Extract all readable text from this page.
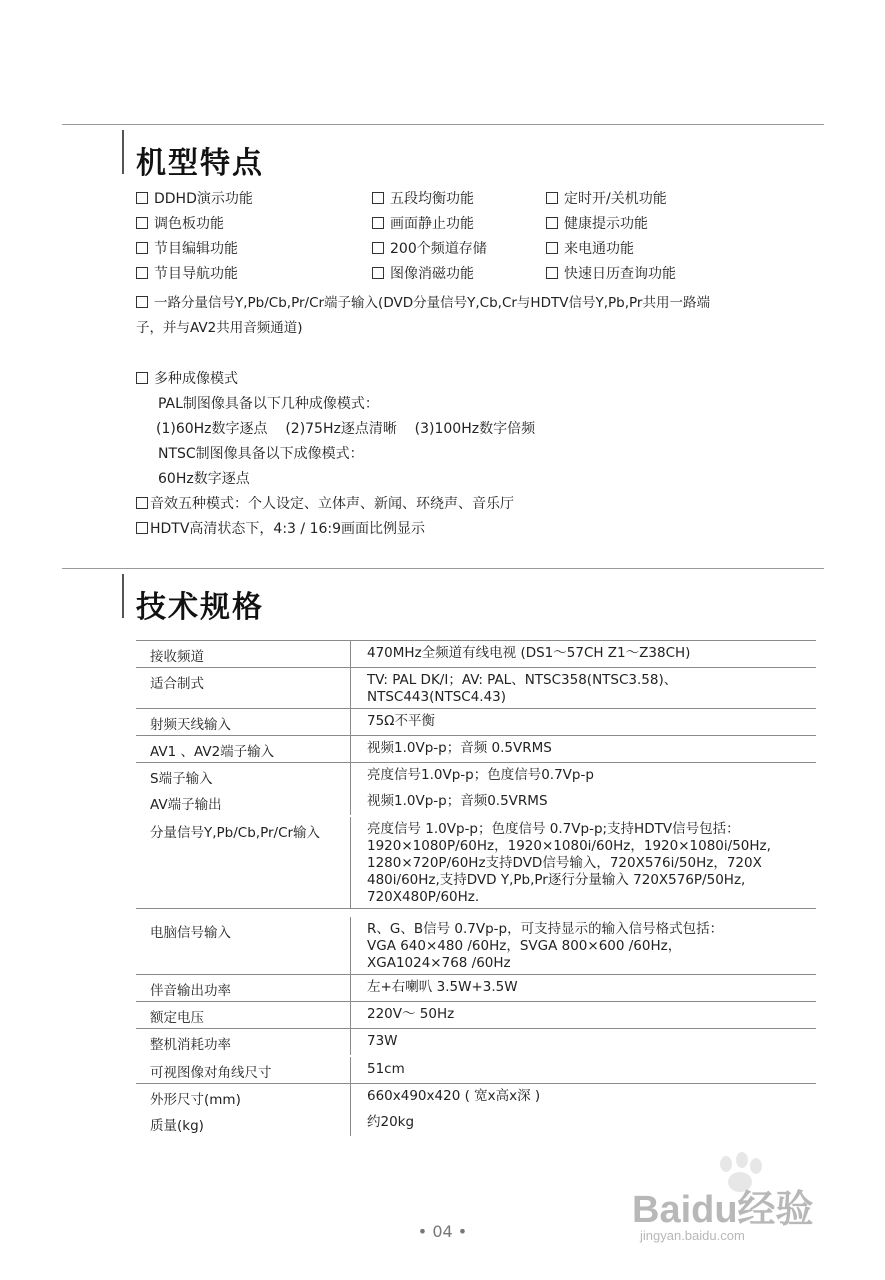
机型特点
DDHD演示功能	五段均衡功能	定时开/关机功能
调色板功能	画面静止功能	健康提示功能
节目编辑功能	200个频道存储	来电通功能
节目导航功能	图像消磁功能	快速日历查询功能
一路分量信号Y,Pb/Cb,Pr/Cr端子输入(DVD分量信号Y,Cb,Cr与HDTV信号Y,Pb,Pr共用一路端
子，并与AV2共用音频通道)
多种成像模式
PAL制图像具备以下几种成像模式：
(1)60Hz数字逐点    (2)75Hz逐点清晰    (3)100Hz数字倍频
NTSC制图像具备以下成像模式：
60Hz数字逐点
音效五种模式：个人设定、立体声、新闻、环绕声、音乐厅
HDTV高清状态下，4:3 / 16:9画面比例显示
技术规格
接收频道	470MHz全频道有线电视 (DS1～57CH Z1～Z38CH)
适合制式	TV: PAL DK/I；AV: PAL、NTSC358(NTSC3.58)、
NTSC443(NTSC4.43)
射频天线输入	75Ω不平衡
AV1 、AV2端子输入	视频1.0Vp-p；音频 0.5VRMS
S端子输入	亮度信号1.0Vp-p；色度信号0.7Vp-p
AV端子输出	视频1.0Vp-p；音频0.5VRMS
分量信号Y,Pb/Cb,Pr/Cr输入	亮度信号 1.0Vp-p；色度信号 0.7Vp-p;支持HDTV信号包括：
1920×1080P/60Hz，1920×1080i/60Hz，1920×1080i/50Hz,
1280×720P/60Hz支持DVD信号输入，720X576i/50Hz，720X
480i/60Hz,支持DVD Y,Pb,Pr逐行分量输入 720X576P/50Hz,
720X480P/60Hz.
电脑信号输入	R、G、B信号 0.7Vp-p，可支持显示的输入信号格式包括：
VGA 640×480 /60Hz，SVGA 800×600 /60Hz，
XGA1024×768 /60Hz
伴音输出功率	左+右喇叭 3.5W+3.5W
额定电压	220V～ 50Hz
整机消耗功率	73W
可视图像对角线尺寸	51cm
外形尺寸(mm)	660x490x420 ( 宽x高x深 )
质量(kg)	约20kg
• 04 •
Baidu经验
jingyan.baidu.com
